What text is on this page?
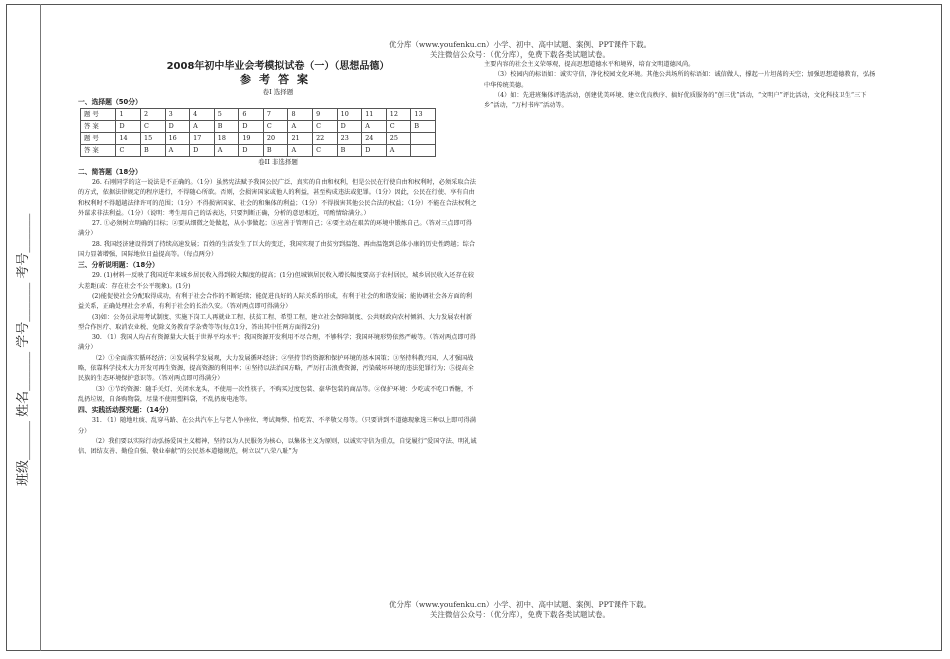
班级______ 姓名______ 学号______ 考号______
优分库（www.youfenku.cn）小学、初中、高中试题、案例、PPT课件下载。
关注微信公众号：（优分库），免费下载各类试题试卷。
优分库（www.youfenku.cn）小学、初中、高中试题、案例、PPT课件下载。
关注微信公众号：（优分库），免费下载各类试题试卷。
2008年初中毕业会考模拟试卷（一）（思想品德）
参考答案
卷I 选择题
一、选择题（50分）
题 号	1	2	3	4	5	6	7	8	9	10	11	12	13
答 案	D	C	D	A	B	D	C	A	C	D	A	C	B
题 号	14	15	16	17	18	19	20	21	22	23	24	25	
答 案	C	B	A	D	A	D	B	A	C	B	D	A	
卷II 非选择题
二、简答题（18分）

26. 石刚同学的这一说法是不正确的。（1分）虽然宪法赋予我国公民广泛、真实的自由和权利，但是公民在行使自由和权利时，必须采取合法的方式，依据法律规定的程序进行，不得随心所欲。否则，会损害国家或他人的利益，甚至构成违法或犯罪。（1分）因此，公民在行使、享有自由和权利时不得超越法律许可的范围；（1分）不得损害国家、社会的和集体的利益；（1分）不得损害其他公民合法的权益；（1分）不能在合法权利之外谋求非法利益。（1分）（说明：考生用自己的话表达，只要判断正确，分析的意思相近，可酌情给满分。）

27. ①必须树立明确的目标；②要从细微之处做起，从小事做起；③应善于管理自己；④要主动在艰苦的环境中锻炼自己。（答对三点即可得满分）

28. 我国经济建设得到了持续高速发展；百姓的生活发生了巨大的变迁，我国实现了由贫穷到温饱、再由温饱到总体小康的历史性跨越；综合国力显著增强，国际地位日益提高等。（每点两分）

三、分析说明题：（18分）

29. (1)材料一反映了我国近年来城乡居民收入得到较大幅度的提高；(1分)但城镇居民收入增长幅度要高于农村居民，城乡居民收入还存在较大差距(或：存在社会不公平现象)。(1分)

(2)能促使社会分配取得成功，有利于社会合作的不断延续；能促进良好的人际关系的形成，有利于社会的和谐发展；能协调社会各方面的利益关系，正确处理社会矛盾，有利于社会的长治久安。（答对两点即可得满分）

(3)如：公务员录用考试制度、实施下岗工人再就业工程、扶贫工程、希望工程，建立社会保障制度、公共财政向农村倾斜、大力发展农村新型合作医疗、取消农业税、免除义务教育学杂费等等(每点1分，答出其中任两方面得2分)

30. （1）我国人均占有资源量大大低于世界平均水平；我国资源开发利用不尽合理，不够科学；我国环境形势依然严峻等。（答对两点即可得满分）

（2）①全面落实循环经济；②发展科学发展观，大力发展循环经济；②坚持节约资源和保护环境的基本国策；③坚持科教兴国、人才强国战略，依靠科学技术大力开发可再生资源，提高资源的利用率；④坚持以法治国方略，严厉打击浪费资源，污染破坏环境的违法犯罪行为；⑤提高全民族的生态环境保护意识等。（答对两点即可得满分）

（3）①节约资源：随手关灯、关闭水龙头，不使用一次性筷子，不购买过度包装、豪华包装的商品等。②保护环境：少吃或不吃口香糖，不乱扔垃圾，自备购物袋，尽量不使用塑料袋，不乱扔废电池等。

四、实践活动探究题：（14分）

31. （1）随地吐痰、乱穿马路、在公共汽车上与老人争座位、考试舞弊、怕吃苦、不孝敬父母等。（只要讲到不道德现象选三种以上即可得满分）

（2）我们要以实际行动弘扬爱国主义精神，坚持以为人民服务为核心，以集体主义为原则，以诚实守信为重点，自觉履行“爱国守法、明礼诚信、团结友善、勤俭自强、敬业奉献”的公民基本道德规范，树立以“八荣八耻”为

主要内容的社会主义荣辱观，提高思想道德水平和境界，培育文明道德风尚。

（3）校园内的标语如：诚实守信，净化校园文化环境。其他公共场所的标语如：诚信做人，撑起一片坦荡的天空；加强思想道德教育，弘扬中华传统美德。

（4）如：先进班集体评选活动，创建优美环境、建立优良秩序、搞好优质服务的“创三优”活动，“文明户”评比活动，文化科技卫生“三下乡”活动，“万村书库”活动等。
